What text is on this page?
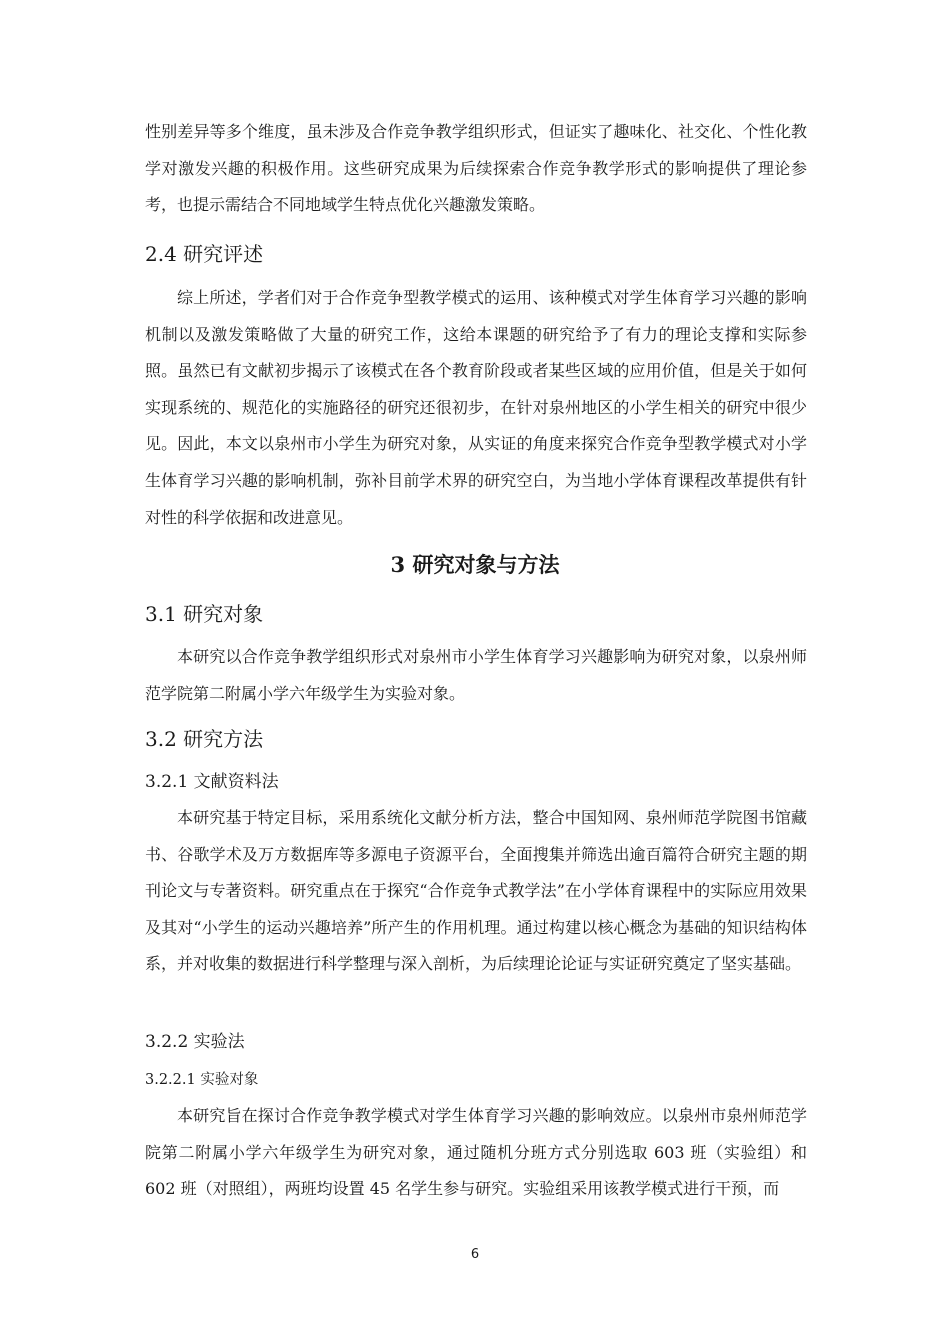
性别差异等多个维度，虽未涉及合作竞争教学组织形式，但证实了趣味化、社交化、个性化教学对激发兴趣的积极作用。这些研究成果为后续探索合作竞争教学形式的影响提供了理论参考，也提示需结合不同地域学生特点优化兴趣激发策略。

2.4 研究评述

综上所述，学者们对于合作竞争型教学模式的运用、该种模式对学生体育学习兴趣的影响机制以及激发策略做了大量的研究工作，这给本课题的研究给予了有力的理论支撑和实际参照。虽然已有文献初步揭示了该模式在各个教育阶段或者某些区域的应用价值，但是关于如何实现系统的、规范化的实施路径的研究还很初步，在针对泉州地区的小学生相关的研究中很少见。因此，本文以泉州市小学生为研究对象，从实证的角度来探究合作竞争型教学模式对小学生体育学习兴趣的影响机制，弥补目前学术界的研究空白，为当地小学体育课程改革提供有针对性的科学依据和改进意见。

3 研究对象与方法
3.1 研究对象

本研究以合作竞争教学组织形式对泉州市小学生体育学习兴趣影响为研究对象，以泉州师范学院第二附属小学六年级学生为实验对象。

3.2 研究方法
3.2.1 文献资料法

本研究基于特定目标，采用系统化文献分析方法，整合中国知网、泉州师范学院图书馆藏书、谷歌学术及万方数据库等多源电子资源平台，全面搜集并筛选出逾百篇符合研究主题的期刊论文与专著资料。研究重点在于探究“合作竞争式教学法”在小学体育课程中的实际应用效果及其对“小学生的运动兴趣培养”所产生的作用机理。通过构建以核心概念为基础的知识结构体系，并对收集的数据进行科学整理与深入剖析，为后续理论论证与实证研究奠定了坚实基础。

3.2.2 实验法
3.2.2.1 实验对象

本研究旨在探讨合作竞争教学模式对学生体育学习兴趣的影响效应。以泉州市泉州师范学院第二附属小学六年级学生为研究对象，通过随机分班方式分别选取 603 班（实验组）和 602 班（对照组），两班均设置 45 名学生参与研究。实验组采用该教学模式进行干预，而

6
